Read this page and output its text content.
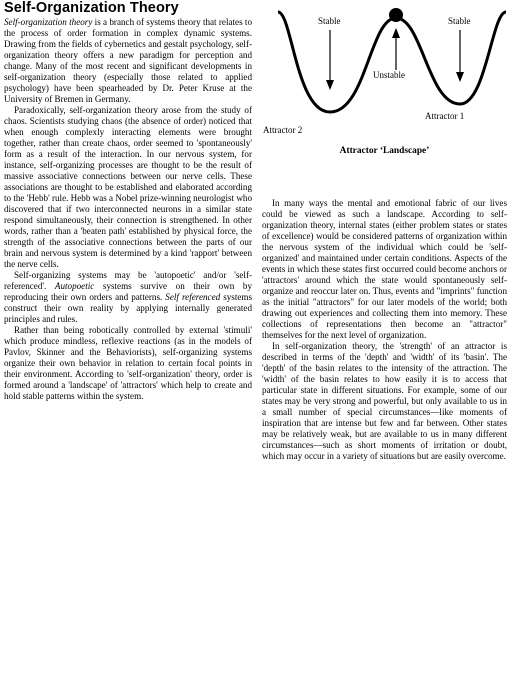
Self-Organization Theory

Self-organization theory is a branch of systems theory that relates to the process of order formation in complex dynamic systems. Drawing from the fields of cybernetics and gestalt psychology, self-organization theory offers a new paradigm for perception and change. Many of the most recent and significant developments in self-organization theory (especially those related to applied psychology) have been spearheaded by Dr. Peter Kruse at the University of Bremen in Germany.

Paradoxically, self-organization theory arose from the study of chaos. Scientists studying chaos (the absence of order) noticed that when enough complexly interacting elements were brought together, rather than create chaos, order seemed to 'spontaneously' form as a result of the interaction. In our nervous system, for instance, self-organizing processes are thought to be the result of massive associative connections between our nerve cells. These associations are thought to be established and elaborated according to the 'Hebb' rule. Hebb was a Nobel prize-winning neurologist who discovered that if two interconnected neurons in a similar state respond simultaneously, their connection is strengthened. In other words, rather than a 'beaten path' established by physical force, the strength of the associative connections between the parts of our brain and nervous system is determined by a kind 'rapport' between the nerve cells.

Self-organizing systems may be 'autopoetic' and/or 'self-referenced'. Autopoetic systems survive on their own by reproducing their own orders and patterns. Self referenced systems construct their own reality by applying internally generated principles and rules.

Rather than being robotically controlled by external 'stimuli' which produce mindless, reflexive reactions (as in the models of Pavlov, Skinner and the Behaviorists), self-organizing systems organize their own behavior in relation to certain focal points in their environment. According to 'self-organization' theory, order is formed around a 'landscape' of 'attractors' which help to create and hold stable patterns within the system.

Stable	Stable
Unstable
Attractor 1
Attractor 2
Attractor ‘Landscape’

In many ways the mental and emotional fabric of our lives could be viewed as such a landscape. According to self-organization theory, internal states (either problem states or states of excellence) would be considered patterns of organization within the nervous system of the individual which could be 'self-organized' and maintained under certain conditions. Aspects of the events in which these states first occurred could become anchors or 'attractors' around which the state would spontaneously self-organize and reoccur later on. Thus, events and "imprints" function as the initial "attractors" for our later models of the world; both drawing out experiences and collecting them into memory. These collections of representations then become an "attractor" themselves for the next level of organization.

In self-organization theory, the 'strength' of an attractor is described in terms of the 'depth' and 'width' of its 'basin'. The 'depth' of the basin relates to the intensity of the attraction. The 'width' of the basin relates to how easily it is to access that particular state in different situations. For example, some of our states may be very strong and powerful, but only available to us in a small number of special circumstances—like moments of inspiration that are intense but few and far between. Other states may be relatively weak, but are available to us in many different circumstances—such as short moments of irritation or doubt, which may occur in a variety of situations but are easily overcome.
